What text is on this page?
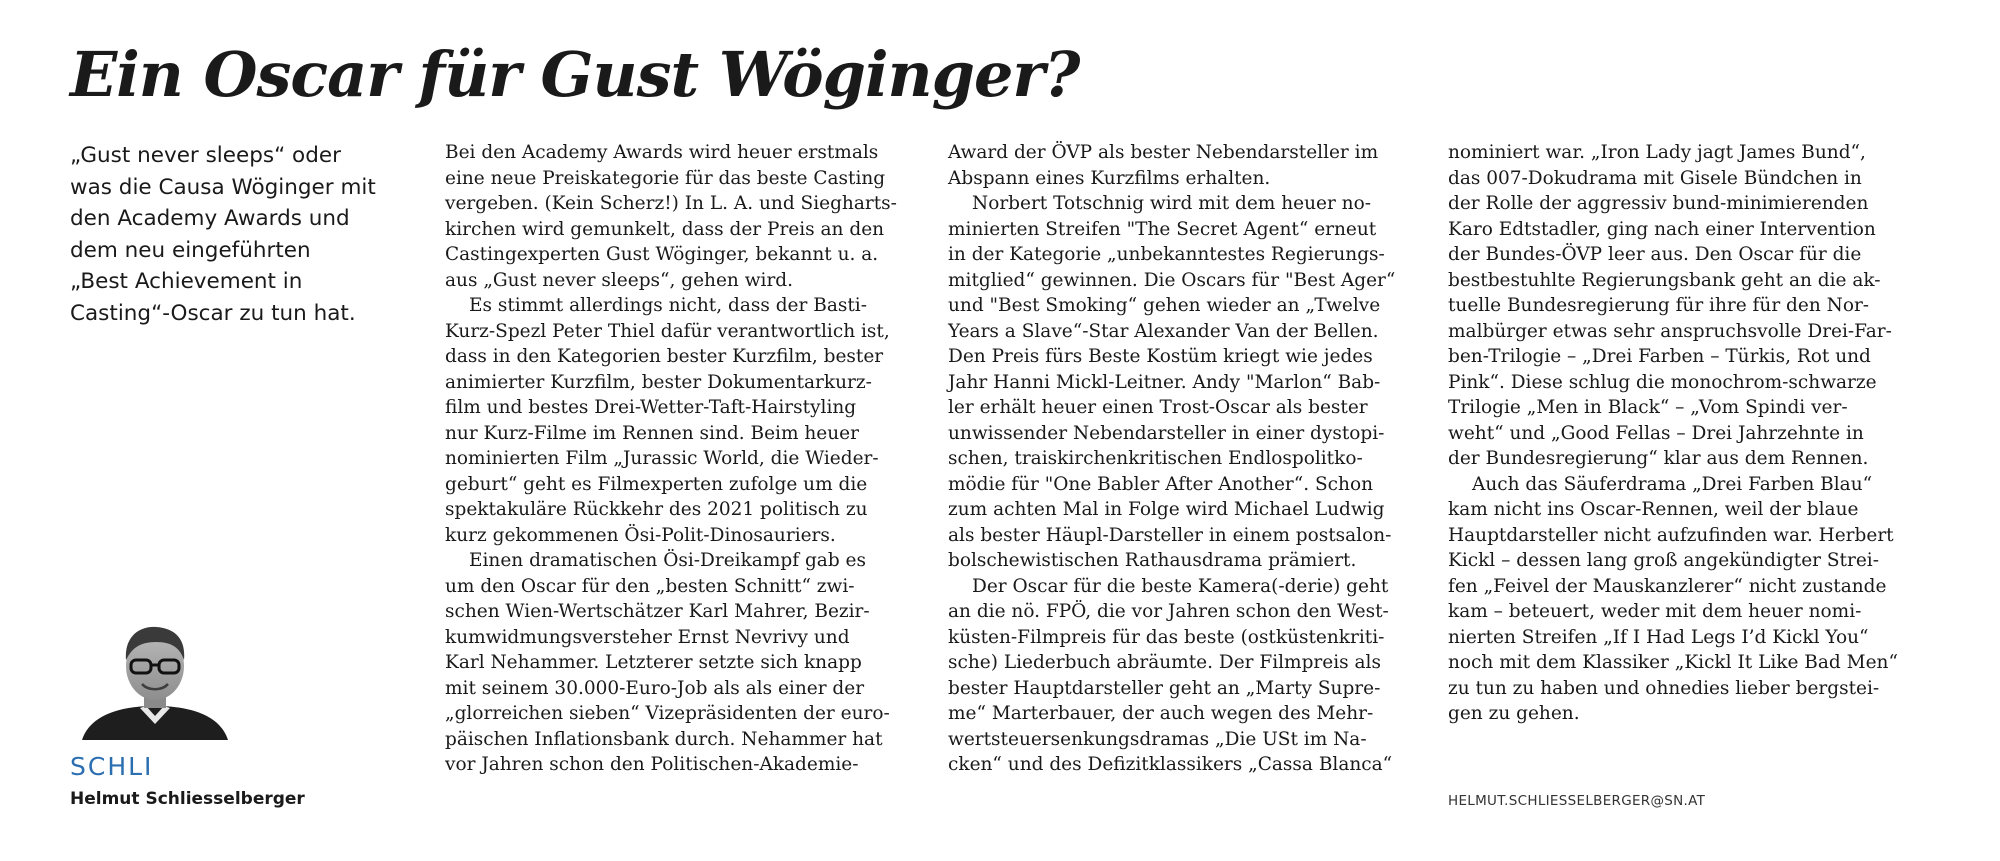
Ein Oscar für Gust Wöginger?

„Gust never sleeps“ oder

was die Causa Wöginger mit

den Academy Awards und

dem neu eingeführten

„Best Achievement in

Casting“-Oscar zu tun hat.

SCHLI
Helmut Schliesselberger
Bei den Academy Awards wird heuer erstmals
eine neue Preiskategorie für das beste Casting
vergeben. (Kein Scherz!) In L. A. und Siegharts-
kirchen wird gemunkelt, dass der Preis an den
Castingexperten Gust Wöginger, bekannt u. a.
aus „Gust never sleeps“, gehen wird.
Es stimmt allerdings nicht, dass der Basti-
Kurz-Spezl Peter Thiel dafür verantwortlich ist,
dass in den Kategorien bester Kurzfilm, bester
animierter Kurzfilm, bester Dokumentarkurz-
film und bestes Drei-Wetter-Taft-Hairstyling
nur Kurz-Filme im Rennen sind. Beim heuer
nominierten Film „Jurassic World, die Wieder-
geburt“ geht es Filmexperten zufolge um die
spektakuläre Rückkehr des 2021 politisch zu
kurz gekommenen Ösi-Polit-Dinosauriers.
Einen dramatischen Ösi-Dreikampf gab es
um den Oscar für den „besten Schnitt“ zwi-
schen Wien-Wertschätzer Karl Mahrer, Bezir-
kumwidmungsversteher Ernst Nevrivy und
Karl Nehammer. Letzterer setzte sich knapp
mit seinem 30.000-Euro-Job als als einer der
„glorreichen sieben“ Vizepräsidenten der euro-
päischen Inflationsbank durch. Nehammer hat
vor Jahren schon den Politischen-Akademie-
Award der ÖVP als bester Nebendarsteller im
Abspann eines Kurzfilms erhalten.
Norbert Totschnig wird mit dem heuer no-
minierten Streifen "The Secret Agent“ erneut
in der Kategorie „unbekanntestes Regierungs-
mitglied“ gewinnen. Die Oscars für "Best Ager“
und "Best Smoking“ gehen wieder an „Twelve
Years a Slave“-Star Alexander Van der Bellen.
Den Preis fürs Beste Kostüm kriegt wie jedes
Jahr Hanni Mickl-Leitner. Andy "Marlon“ Bab-
ler erhält heuer einen Trost-Oscar als bester
unwissender Nebendarsteller in einer dystopi-
schen, traiskirchenkritischen Endlospolitko-
mödie für "One Babler After Another“. Schon
zum achten Mal in Folge wird Michael Ludwig
als bester Häupl-Darsteller in einem postsalon-
bolschewistischen Rathausdrama prämiert.
Der Oscar für die beste Kamera(-derie) geht
an die nö. FPÖ, die vor Jahren schon den West-
küsten-Filmpreis für das beste (ostküstenkriti-
sche) Liederbuch abräumte. Der Filmpreis als
bester Hauptdarsteller geht an „Marty Supre-
me“ Marterbauer, der auch wegen des Mehr-
wertsteuersenkungsdramas „Die USt im Na-
cken“ und des Defizitklassikers „Cassa Blanca“
nominiert war. „Iron Lady jagt James Bund“,
das 007-Dokudrama mit Gisele Bündchen in
der Rolle der aggressiv bund-minimierenden
Karo Edtstadler, ging nach einer Intervention
der Bundes-ÖVP leer aus. Den Oscar für die
bestbestuhlte Regierungsbank geht an die ak-
tuelle Bundesregierung für ihre für den Nor-
malbürger etwas sehr anspruchsvolle Drei-Far-
ben-Trilogie – „Drei Farben – Türkis, Rot und
Pink“. Diese schlug die monochrom-schwarze
Trilogie „Men in Black“ – „Vom Spindi ver-
weht“ und „Good Fellas – Drei Jahrzehnte in
der Bundesregierung“ klar aus dem Rennen.
Auch das Säuferdrama „Drei Farben Blau“
kam nicht ins Oscar-Rennen, weil der blaue
Hauptdarsteller nicht aufzufinden war. Herbert
Kickl – dessen lang groß angekündigter Strei-
fen „Feivel der Mauskanzlerer“ nicht zustande
kam – beteuert, weder mit dem heuer nomi-
nierten Streifen „If I Had Legs I’d Kickl You“
noch mit dem Klassiker „Kickl It Like Bad Men“
zu tun zu haben und ohnedies lieber bergstei-
gen zu gehen.
HELMUT.SCHLIESSELBERGER@SN.AT
